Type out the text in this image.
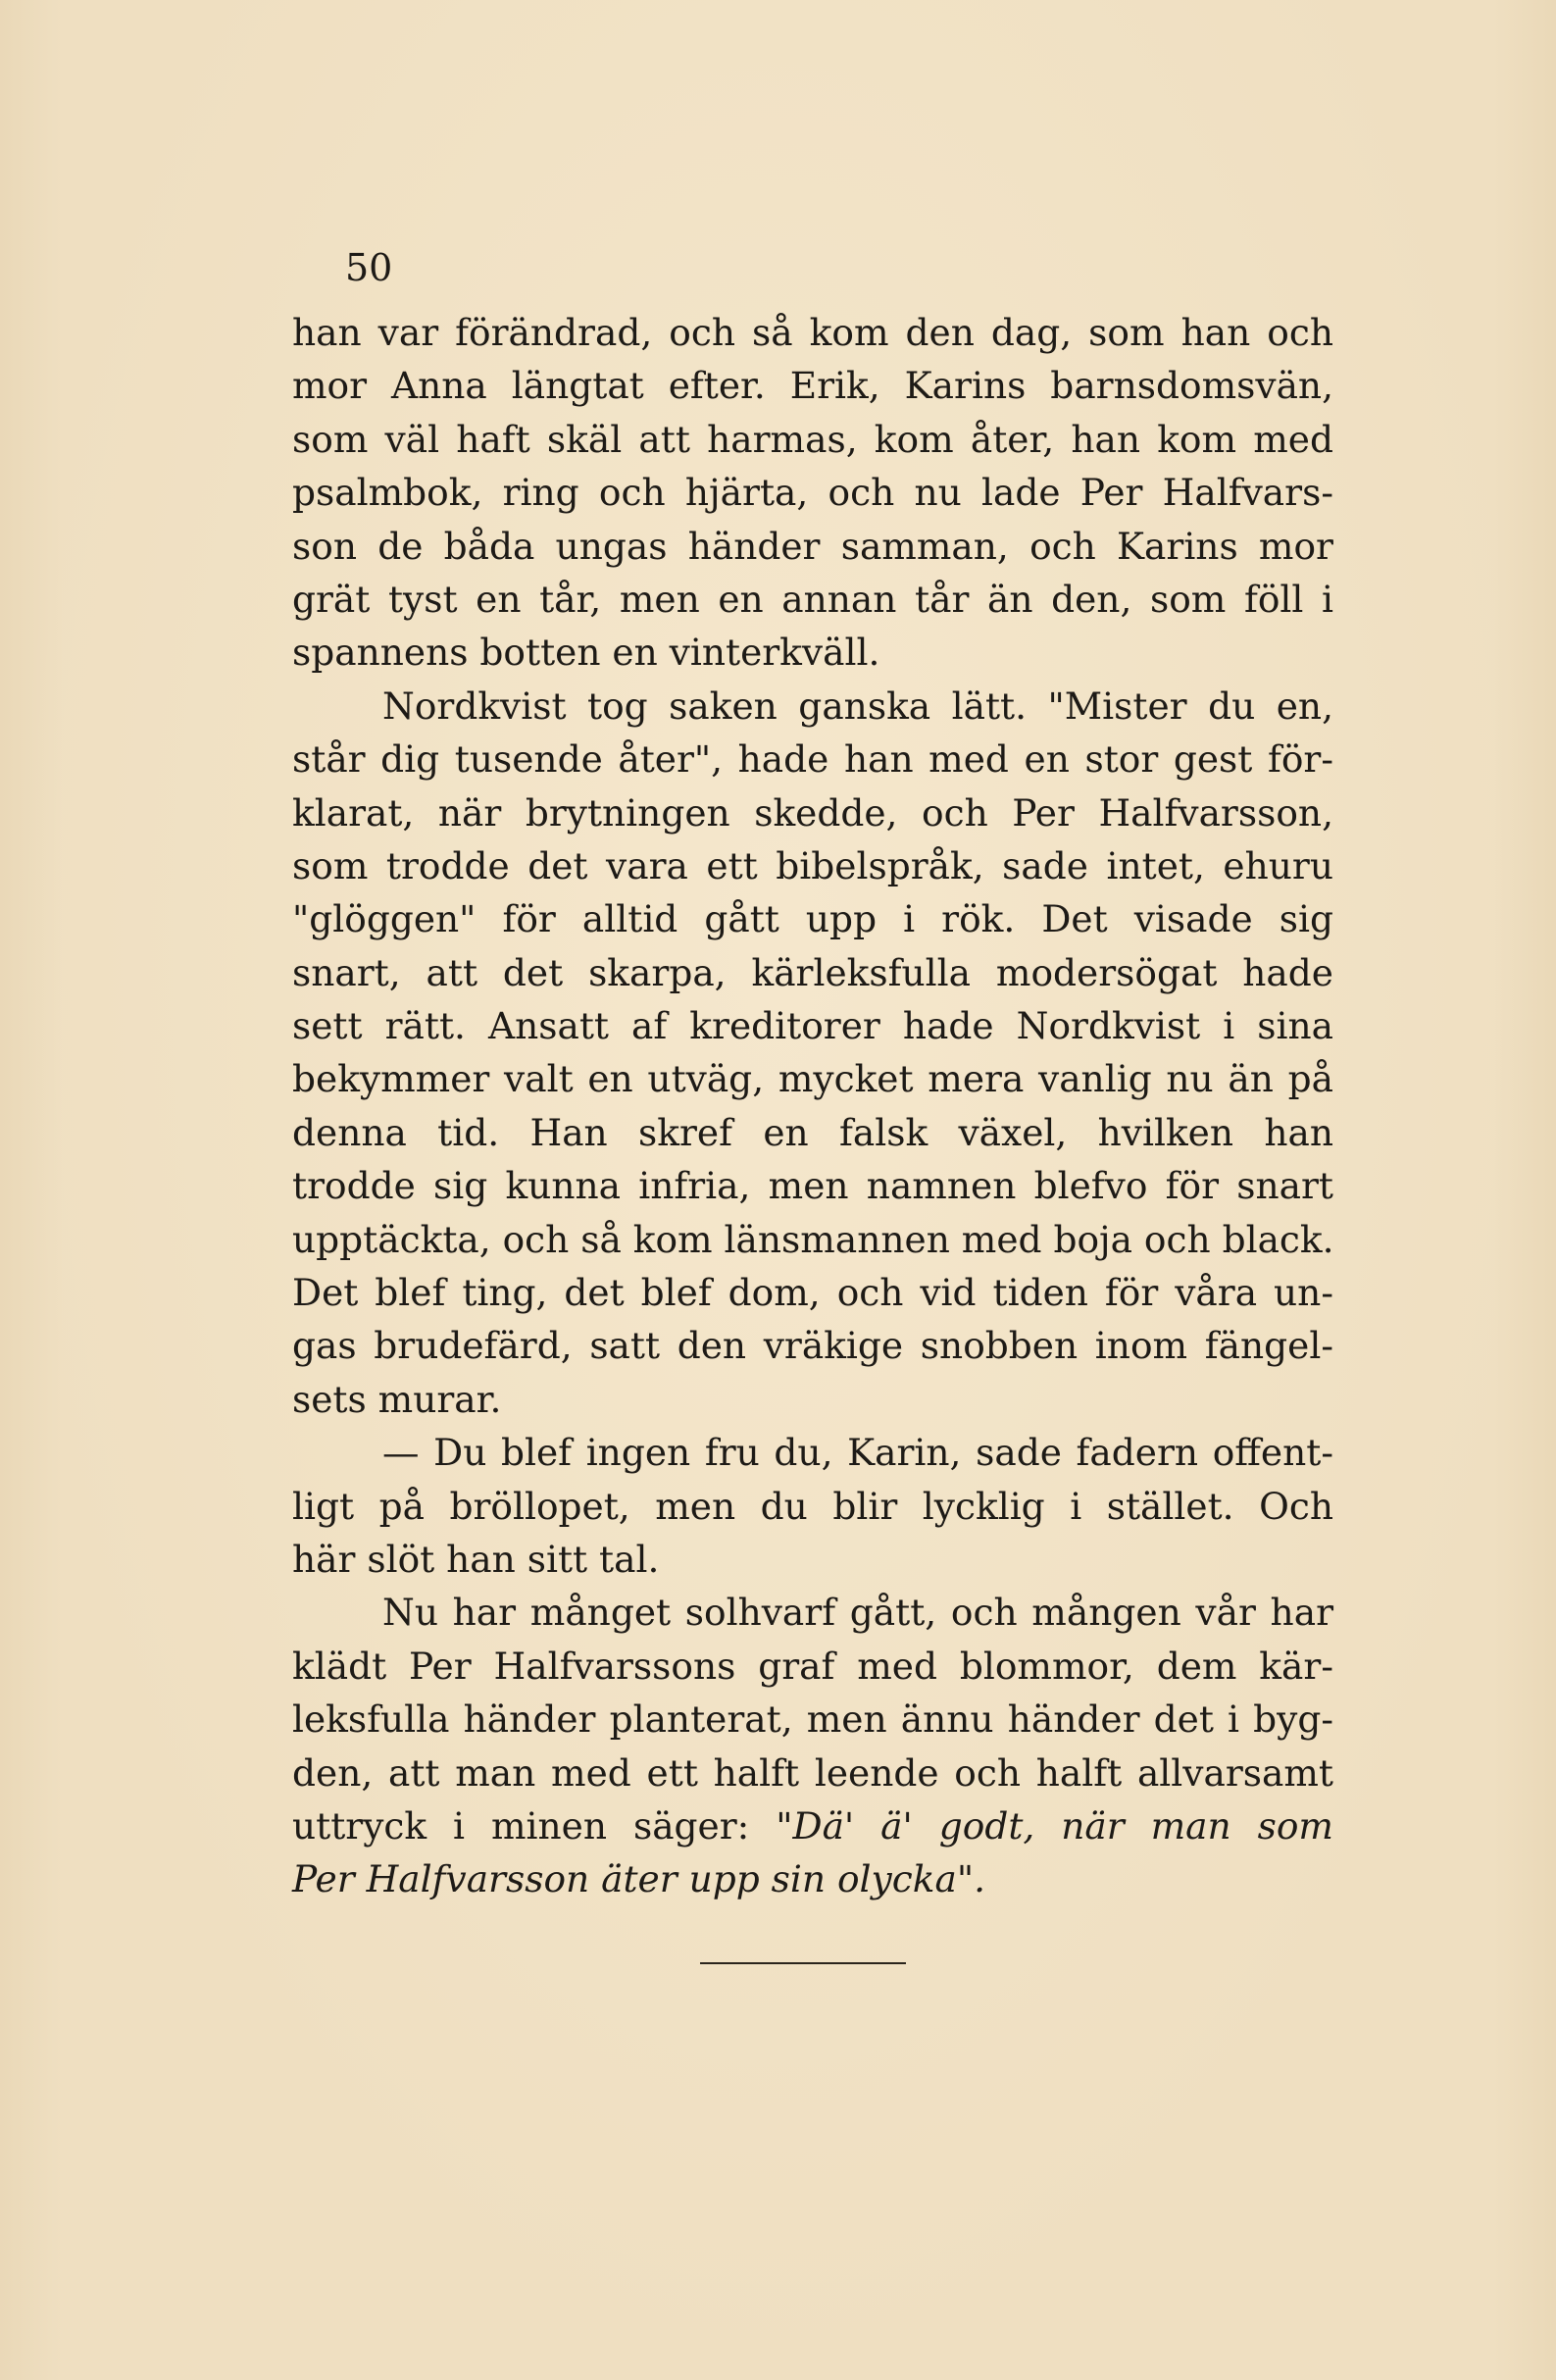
50
han var förändrad, och så kom den dag, som han och
mor Anna längtat efter. Erik, Karins barnsdomsvän,
som väl haft skäl att harmas, kom åter, han kom med
psalmbok, ring och hjärta, och nu lade Per Halfvars-
son de båda ungas händer samman, och Karins mor
grät tyst en tår, men en annan tår än den, som föll i
spannens botten en vinterkväll.
Nordkvist tog saken ganska lätt. "Mister du en,
står dig tusende åter", hade han med en stor gest för-
klarat, när brytningen skedde, och Per Halfvarsson,
som trodde det vara ett bibelspråk, sade intet, ehuru
"glöggen" för alltid gått upp i rök. Det visade sig
snart, att det skarpa, kärleksfulla modersögat hade
sett rätt. Ansatt af kreditorer hade Nordkvist i sina
bekymmer valt en utväg, mycket mera vanlig nu än på
denna tid. Han skref en falsk växel, hvilken han
trodde sig kunna infria, men namnen blefvo för snart
upptäckta, och så kom länsmannen med boja och black.
Det blef ting, det blef dom, och vid tiden för våra un-
gas brudefärd, satt den vräkige snobben inom fängel-
sets murar.
— Du blef ingen fru du, Karin, sade fadern offent-
ligt på bröllopet, men du blir lycklig i stället. Och
här slöt han sitt tal.
Nu har månget solhvarf gått, och mången vår har
klädt Per Halfvarssons graf med blommor, dem kär-
leksfulla händer planterat, men ännu händer det i byg-
den, att man med ett halft leende och halft allvarsamt
uttryck i minen säger: "Dä' ä' godt, när man som
Per Halfvarsson äter upp sin olycka".
